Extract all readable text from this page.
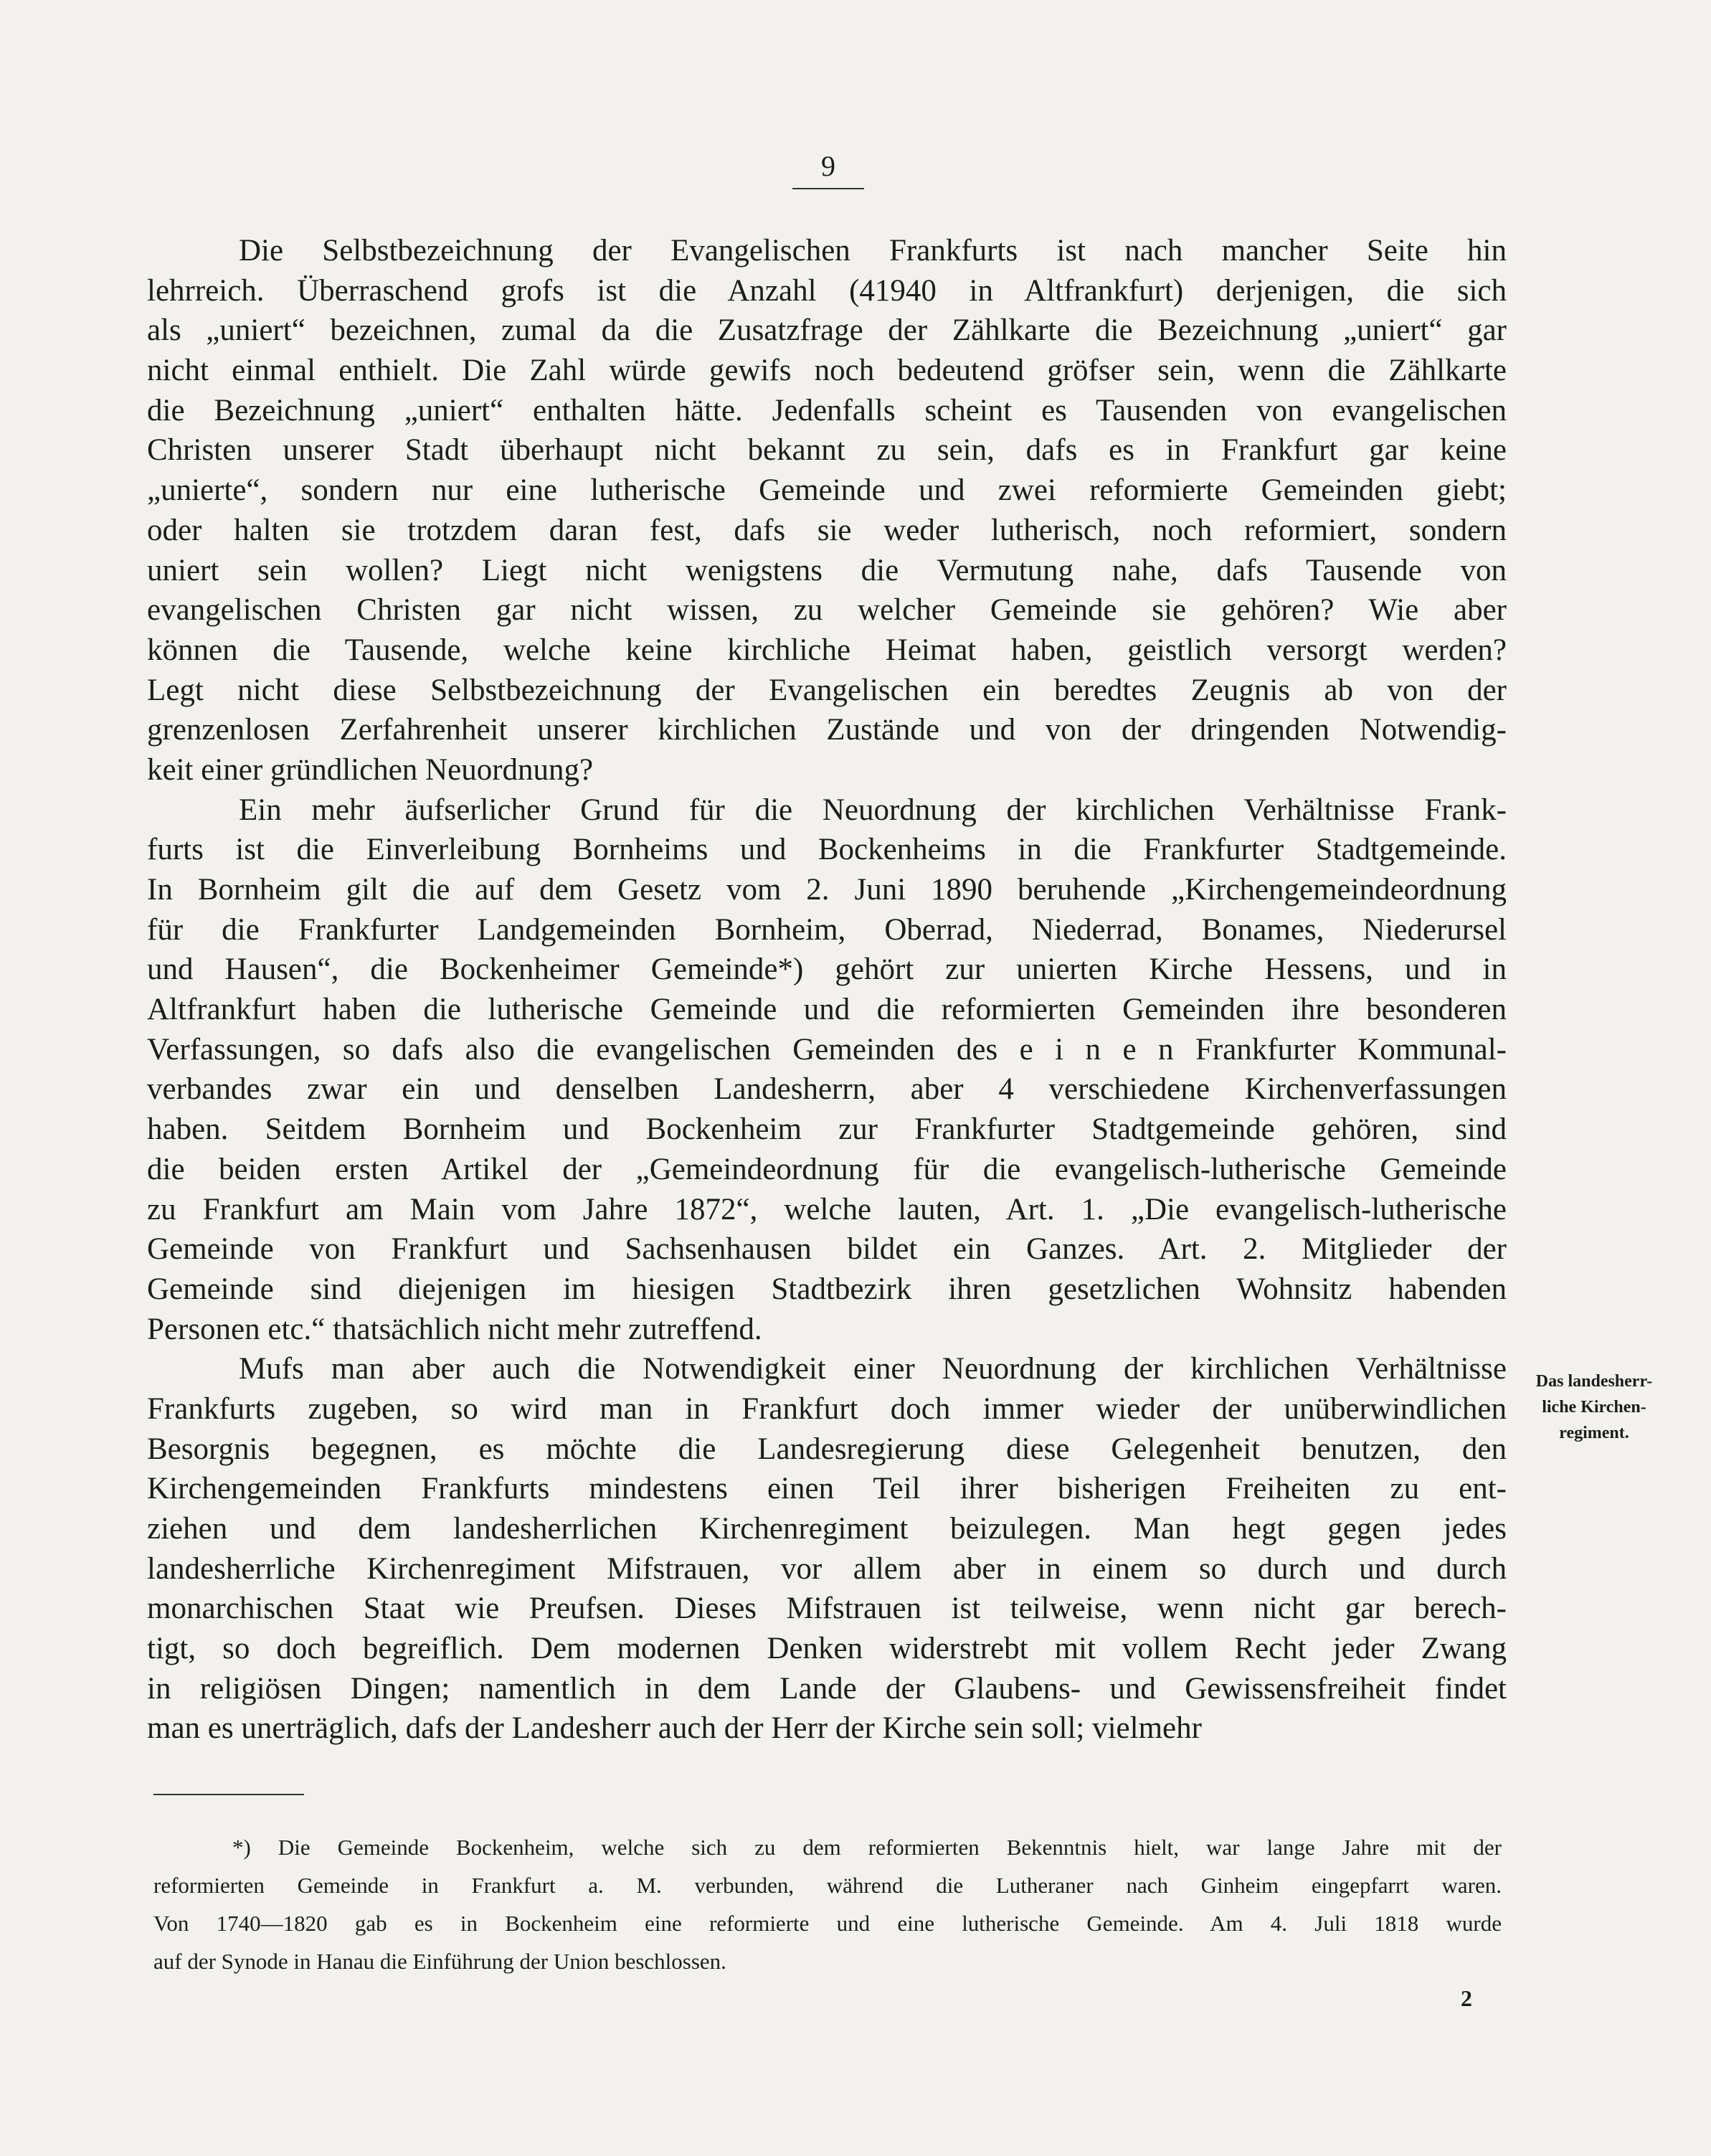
9
Die Selbstbezeichnung der Evangelischen Frankfurts ist nach mancher Seite hin
lehrreich. Überraschend grofs ist die Anzahl (41940 in Altfrankfurt) derjenigen, die sich
als „uniert“ bezeichnen, zumal da die Zusatzfrage der Zählkarte die Bezeichnung „uniert“ gar
nicht einmal enthielt. Die Zahl würde gewifs noch bedeutend gröfser sein, wenn die Zählkarte
die Bezeichnung „uniert“ enthalten hätte. Jedenfalls scheint es Tausenden von evangelischen
Christen unserer Stadt überhaupt nicht bekannt zu sein, dafs es in Frankfurt gar keine
„unierte“, sondern nur eine lutherische Gemeinde und zwei reformierte Gemeinden giebt;
oder halten sie trotzdem daran fest, dafs sie weder lutherisch, noch reformiert, sondern
uniert sein wollen? Liegt nicht wenigstens die Vermutung nahe, dafs Tausende von
evangelischen Christen gar nicht wissen, zu welcher Gemeinde sie gehören? Wie aber
können die Tausende, welche keine kirchliche Heimat haben, geistlich versorgt werden?
Legt nicht diese Selbstbezeichnung der Evangelischen ein beredtes Zeugnis ab von der
grenzenlosen Zerfahrenheit unserer kirchlichen Zustände und von der dringenden Notwendig-
keit einer gründlichen Neuordnung?
Ein mehr äufserlicher Grund für die Neuordnung der kirchlichen Verhältnisse Frank-
furts ist die Einverleibung Bornheims und Bockenheims in die Frankfurter Stadtgemeinde.
In Bornheim gilt die auf dem Gesetz vom 2. Juni 1890 beruhende „Kirchengemeindeordnung
für die Frankfurter Landgemeinden Bornheim, Oberrad, Niederrad, Bonames, Niederursel
und Hausen“, die Bockenheimer Gemeinde*) gehört zur unierten Kirche Hessens, und in
Altfrankfurt haben die lutherische Gemeinde und die reformierten Gemeinden ihre besonderen
Verfassungen, so dafs also die evangelischen Gemeinden des e i n e n Frankfurter Kommunal-
verbandes zwar ein und denselben Landesherrn, aber 4 verschiedene Kirchenverfassungen
haben. Seitdem Bornheim und Bockenheim zur Frankfurter Stadtgemeinde gehören, sind
die beiden ersten Artikel der „Gemeindeordnung für die evangelisch-lutherische Gemeinde
zu Frankfurt am Main vom Jahre 1872“, welche lauten, Art. 1. „Die evangelisch-lutherische
Gemeinde von Frankfurt und Sachsenhausen bildet ein Ganzes. Art. 2. Mitglieder der
Gemeinde sind diejenigen im hiesigen Stadtbezirk ihren gesetzlichen Wohnsitz habenden
Personen etc.“ thatsächlich nicht mehr zutreffend.
Mufs man aber auch die Notwendigkeit einer Neuordnung der kirchlichen Verhältnisse
Frankfurts zugeben, so wird man in Frankfurt doch immer wieder der unüberwindlichen
Besorgnis begegnen, es möchte die Landesregierung diese Gelegenheit benutzen, den
Kirchengemeinden Frankfurts mindestens einen Teil ihrer bisherigen Freiheiten zu ent-
ziehen und dem landesherrlichen Kirchenregiment beizulegen. Man hegt gegen jedes
landesherrliche Kirchenregiment Mifstrauen, vor allem aber in einem so durch und durch
monarchischen Staat wie Preufsen. Dieses Mifstrauen ist teilweise, wenn nicht gar berech-
tigt, so doch begreiflich. Dem modernen Denken widerstrebt mit vollem Recht jeder Zwang
in religiösen Dingen; namentlich in dem Lande der Glaubens- und Gewissensfreiheit findet
man es unerträglich, dafs der Landesherr auch der Herr der Kirche sein soll; vielmehr
Das landesherr-
liche Kirchen-
regiment.
*) Die Gemeinde Bockenheim, welche sich zu dem reformierten Bekenntnis hielt, war lange Jahre mit der
reformierten Gemeinde in Frankfurt a. M. verbunden, während die Lutheraner nach Ginheim eingepfarrt waren.
Von 1740—1820 gab es in Bockenheim eine reformierte und eine lutherische Gemeinde. Am 4. Juli 1818 wurde
auf der Synode in Hanau die Einführung der Union beschlossen.
2
